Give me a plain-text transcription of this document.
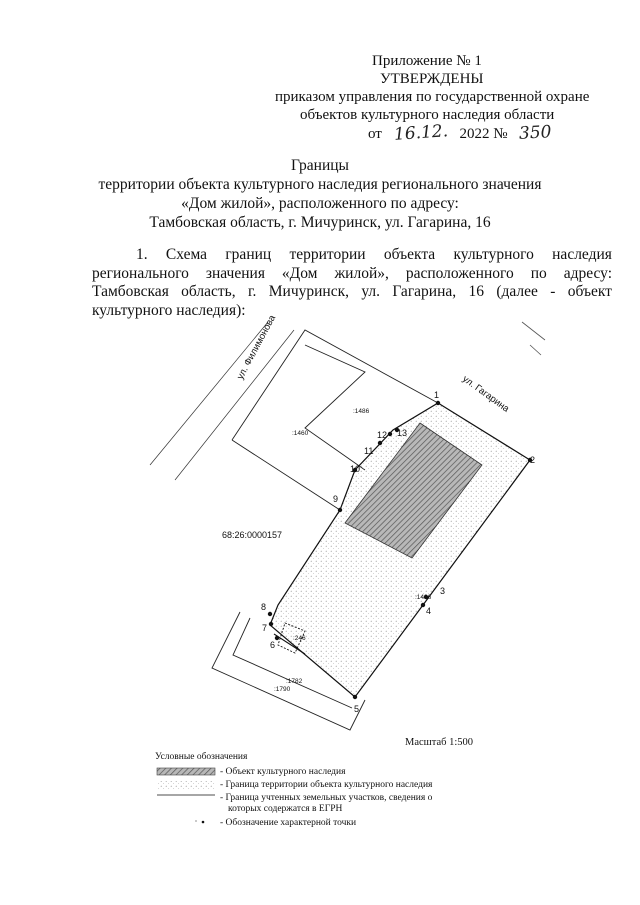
Приложение № 1
УТВЕРЖДЕНЫ
приказом управления по государственной охране
объектов культурного наследия области
от 16.12. 2022 № 350
Границы
территории объекта культурного наследия регионального значения
«Дом жилой», расположенного по адресу:
Тамбовская область, г. Мичуринск, ул. Гагарина, 16
1. Схема границ территории объекта культурного наследия
регионального значения «Дом жилой», расположенного по адресу:
Тамбовская область, г. Мичуринск, ул. Гагарина, 16 (далее - объект
культурного наследия):
ул. Филимонова
ул. Гагарина
68:26:0000157
:1486
:1460
:1486
:246
:1782
:1790
1
2
3
4
5
6
7
8
9
10
11
12 13
Масштаб 1:500
Условные обозначения
- Объект культурного наследия
- Граница территории объекта культурного наследия
- Граница учтенных земельных участков, сведения о
которых содержатся в ЕГРН
- Обозначение характерной точки
